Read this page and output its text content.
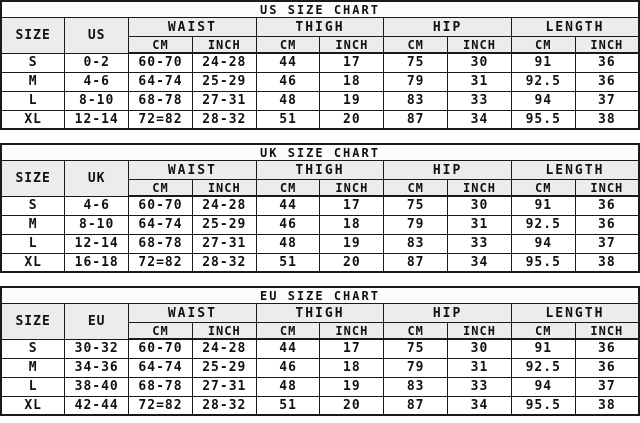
US SIZE CHART									
SIZE	US	WAIST		THIGH		HIP		LENGTH	
		CM	INCH	CM	INCH	CM	INCH	CM	INCH
S	0-2	60-70	24-28	44	17	75	30	91	36
M	4-6	64-74	25-29	46	18	79	31	92.5	36
L	8-10	68-78	27-31	48	19	83	33	94	37
XL	12-14	72=82	28-32	51	20	87	34	95.5	38
UK SIZE CHART									
SIZE	UK	WAIST		THIGH		HIP		LENGTH	
		CM	INCH	CM	INCH	CM	INCH	CM	INCH
S	4-6	60-70	24-28	44	17	75	30	91	36
M	8-10	64-74	25-29	46	18	79	31	92.5	36
L	12-14	68-78	27-31	48	19	83	33	94	37
XL	16-18	72=82	28-32	51	20	87	34	95.5	38
EU SIZE CHART									
SIZE	EU	WAIST		THIGH		HIP		LENGTH	
		CM	INCH	CM	INCH	CM	INCH	CM	INCH
S	30-32	60-70	24-28	44	17	75	30	91	36
M	34-36	64-74	25-29	46	18	79	31	92.5	36
L	38-40	68-78	27-31	48	19	83	33	94	37
XL	42-44	72=82	28-32	51	20	87	34	95.5	38
